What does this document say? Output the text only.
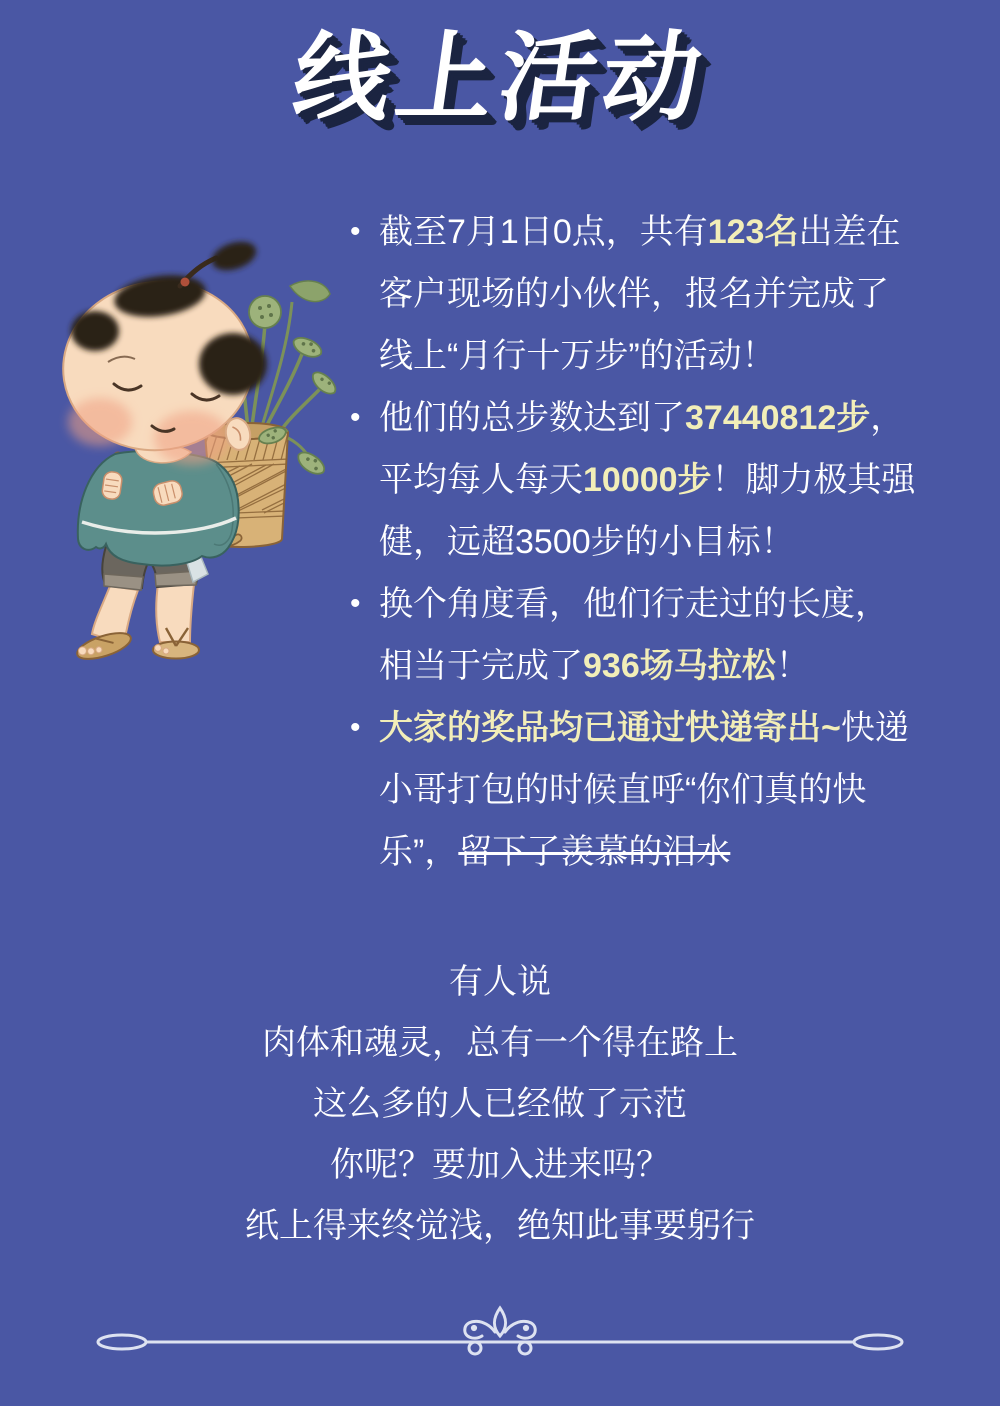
线上活动
• 截至7月1日0点，共有123名出差在
客户现场的小伙伴，报名并完成了
线上“月行十万步”的活动！
• 他们的总步数达到了37440812步，
平均每人每天10000步！脚力极其强
健，远超3500步的小目标！
• 换个角度看，他们行走过的长度，
相当于完成了936场马拉松！
• 大家的奖品均已通过快递寄出~快递
小哥打包的时候直呼“你们真的快
乐”，留下了羡慕的泪水
有人说
肉体和魂灵，总有一个得在路上
这么多的人已经做了示范
你呢？要加入进来吗？
纸上得来终觉浅，绝知此事要躬行
